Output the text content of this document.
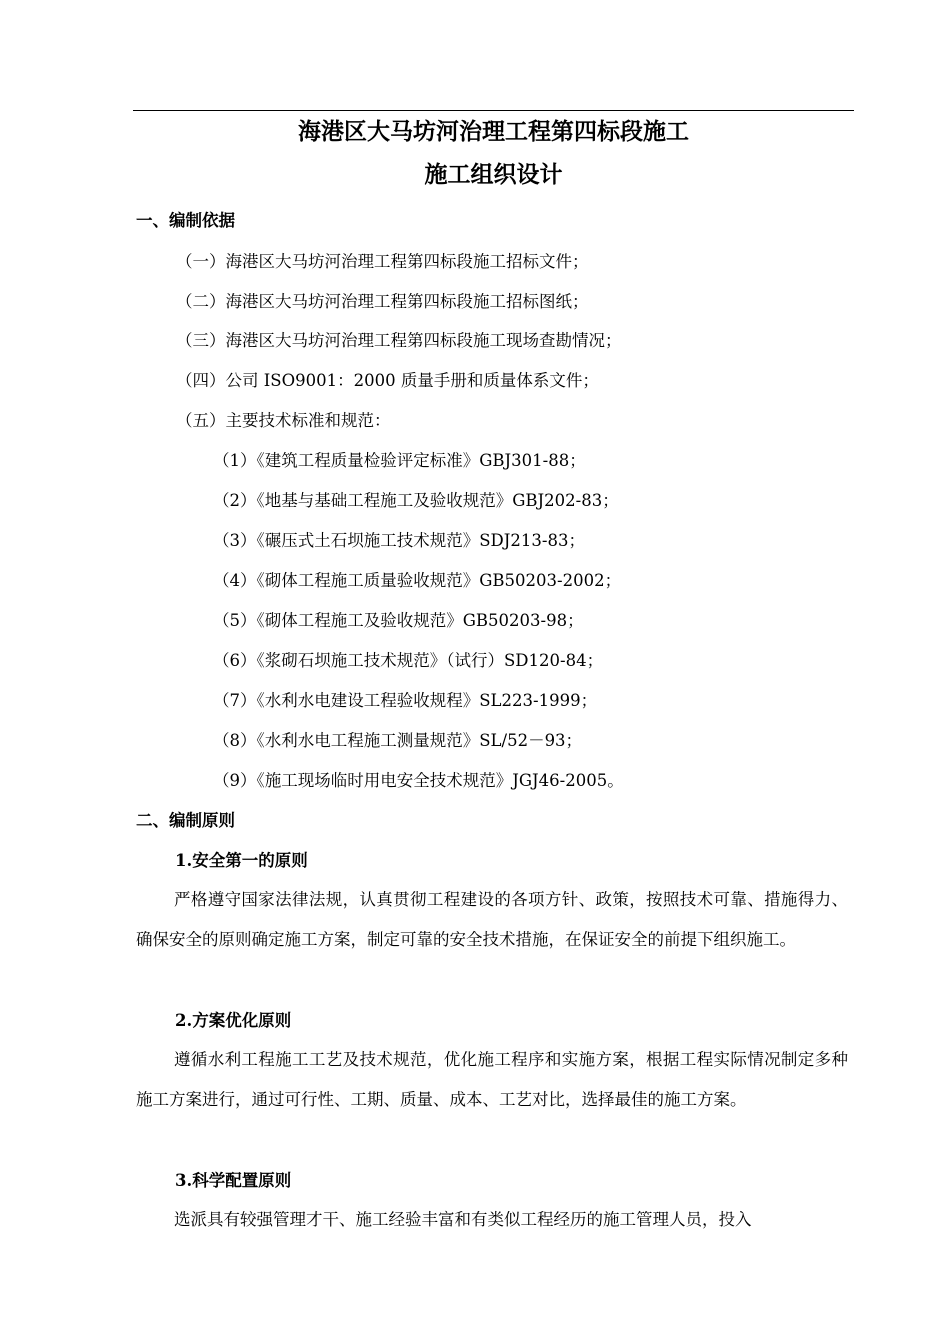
海港区大马坊河治理工程第四标段施工
施工组织设计
一、编制依据
（一）海港区大马坊河治理工程第四标段施工招标文件；
（二）海港区大马坊河治理工程第四标段施工招标图纸；
（三）海港区大马坊河治理工程第四标段施工现场查勘情况；
（四）公司 ISO9001：2000 质量手册和质量体系文件；
（五）主要技术标准和规范：
（1）《建筑工程质量检验评定标准》GBJ301-88；
（2）《地基与基础工程施工及验收规范》GBJ202-83；
（3）《碾压式土石坝施工技术规范》SDJ213-83；
（4）《砌体工程施工质量验收规范》GB50203-2002；
（5）《砌体工程施工及验收规范》GB50203-98；
（6）《浆砌石坝施工技术规范》（试行）SD120-84；
（7）《水利水电建设工程验收规程》SL223-1999；
（8）《水利水电工程施工测量规范》SL/52－93；
（9）《施工现场临时用电安全技术规范》JGJ46-2005。
二、编制原则
1.安全第一的原则

严格遵守国家法律法规，认真贯彻工程建设的各项方针、政策，按照技术可靠、措施得力、确保安全的原则确定施工方案，制定可靠的安全技术措施，在保证安全的前提下组织施工。

2.方案优化原则

遵循水利工程施工工艺及技术规范，优化施工程序和实施方案，根据工程实际情况制定多种施工方案进行，通过可行性、工期、质量、成本、工艺对比，选择最佳的施工方案。

3.科学配置原则

选派具有较强管理才干、施工经验丰富和有类似工程经历的施工管理人员，投入
